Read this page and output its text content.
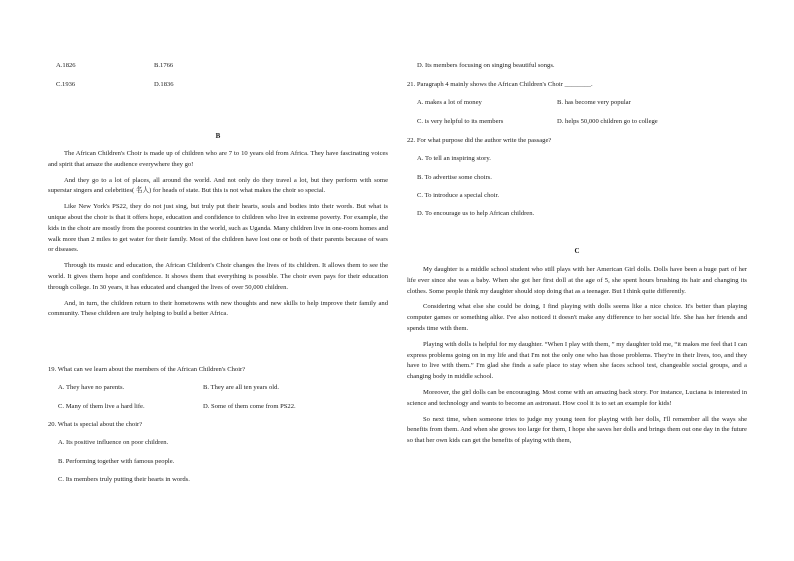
A.1826	B.1766
C.1936	D.1836

B

The African Children's Choir is made up of children who are 7 to 10 years old from Africa. They have fascinating voices and spirit that amaze the audience everywhere they go!

And they go to a lot of places, all around the world. And not only do they travel a lot, but they perform with some superstar singers and celebrities( 名人) for heads of state. But this is not what makes the choir so special.

Like New York's PS22, they do not just sing, but truly put their hearts, souls and bodies into their words. But what is unique about the choir is that it offers hope, education and confidence to children who live in extreme poverty. For example, the kids in the choir are mostly from the poorest countries in the world, such as Uganda. Many children live in one-room homes and walk more than 2 miles to get water for their family. Most of the children have lost one or both of their parents because of wars or diseases.

Through its music and education, the African Children's Choir changes the lives of its children. It allows them to see the world. It gives them hope and confidence. It shows them that everything is possible. The choir even pays for their education through college. In 30 years, it has educated and changed the lives of over 50,000 children.

And, in turn, the children return to their hometowns with new thoughts and new skills to help improve their family and community. These children are truly helping to build a better Africa.

19. What can we learn about the members of the African Children's Choir?

A. They have no parents.	B. They are all ten years old.
C. Many of them live a hard life.	D. Some of them come from PS22.

20. What is special about the choir?

A. Its positive influence on poor children.

B. Performing together with famous people.

C. Its members truly putting their hearts in words.

D. Its members focusing on singing beautiful songs.

21. Paragraph 4 mainly shows the African Children's Choir ________.

A. makes a lot of money	B. has become very popular
C. is very helpful to its members	D. helps 50,000 children go to college

22. For what purpose did the author write the passage?

A. To tell an inspiring story.

B. To advertise some choirs.

C. To introduce a special choir.

D. To encourage us to help African children.

C

My daughter is a middle school student who still plays with her American Girl dolls. Dolls have been a huge part of her life ever since she was a baby. When she got her first doll at the age of 5, she spent hours brushing its hair and changing its clothes. Some people think my daughter should stop doing that as a teenager. But I think quite differently.

Considering what else she could be doing, I find playing with dolls seems like a nice choice. It's better than playing computer games or something alike. I've also noticed it doesn't make any difference to her social life. She has her friends and spends time with them.

Playing with dolls is helpful for my daughter. “When I play with them, ” my daughter told me, “it makes me feel that I can express problems going on in my life and that I'm not the only one who has those problems. They're in their lives, too, and they have to live with them.” I'm glad she finds a safe place to stay when she faces school test, changeable social groups, and a changing body in middle school.

Moreover, the girl dolls can be encouraging. Most come with an amazing back story. For instance, Luciana is interested in science and technology and wants to become an astronaut. How cool it is to set an example for kids!

So next time, when someone tries to judge my young teen for playing with her dolls, I'll remember all the ways she benefits from them. And when she grows too large for them, I hope she saves her dolls and brings them out one day in the future so that her own kids can get the benefits of playing with them,
